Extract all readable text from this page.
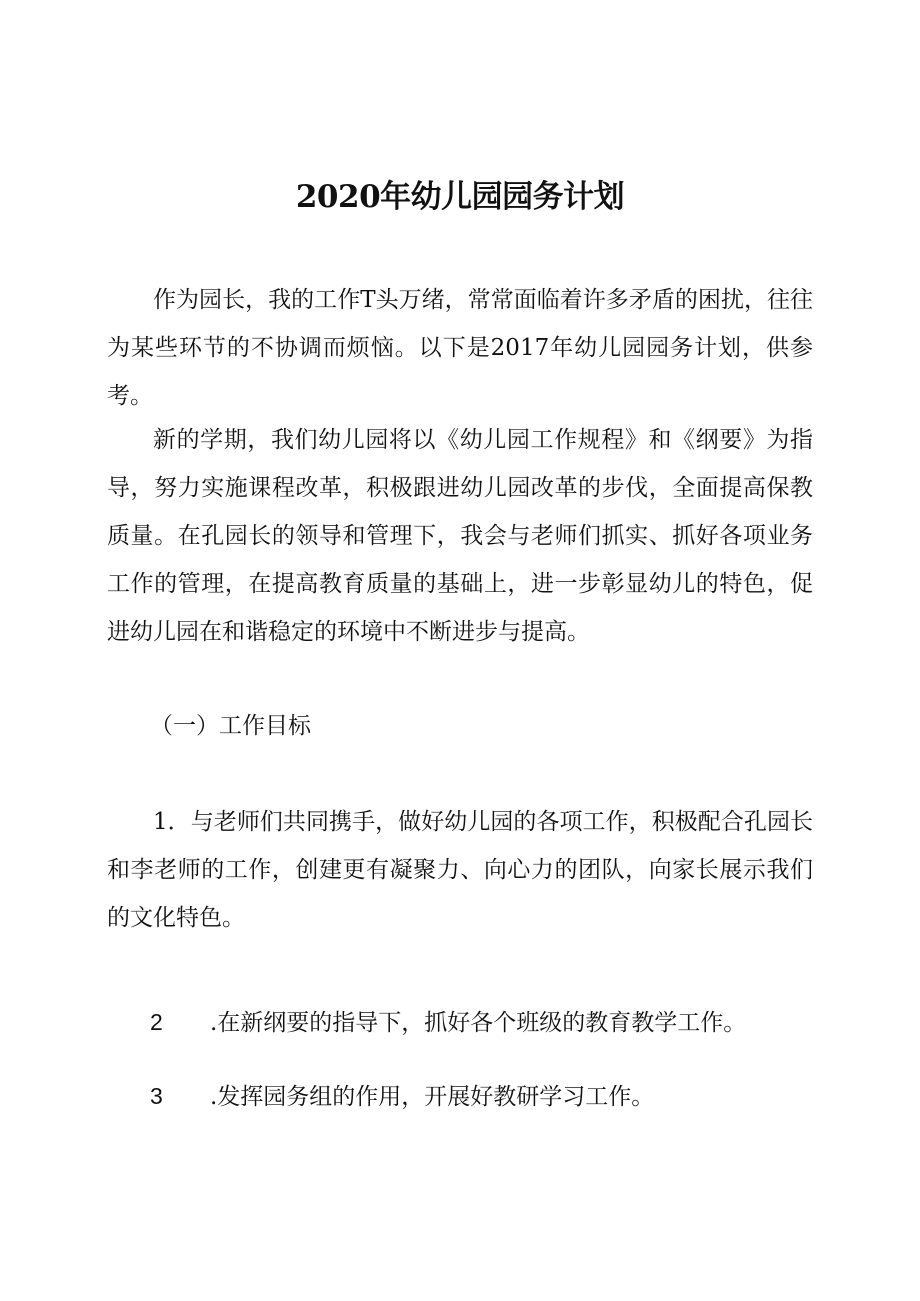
2020年幼儿园园务计划

作为园长，我的工作T头万绪，常常面临着许多矛盾的困扰，往往为某些环节的不协调而烦恼。以下是2017年幼儿园园务计划，供参考。

新的学期，我们幼儿园将以《幼儿园工作规程》和《纲要》为指导，努力实施课程改革，积极跟进幼儿园改革的步伐，全面提高保教质量。在孔园长的领导和管理下，我会与老师们抓实、抓好各项业务工作的管理，在提高教育质量的基础上，进一步彰显幼儿的特色，促进幼儿园在和谐稳定的环境中不断进步与提高。

（一）工作目标

1．与老师们共同携手，做好幼儿园的各项工作，积极配合孔园长和李老师的工作，创建更有凝聚力、向心力的团队，向家长展示我们的文化特色。

2 .在新纲要的指导下，抓好各个班级的教育教学工作。

3 .发挥园务组的作用，开展好教研学习工作。
